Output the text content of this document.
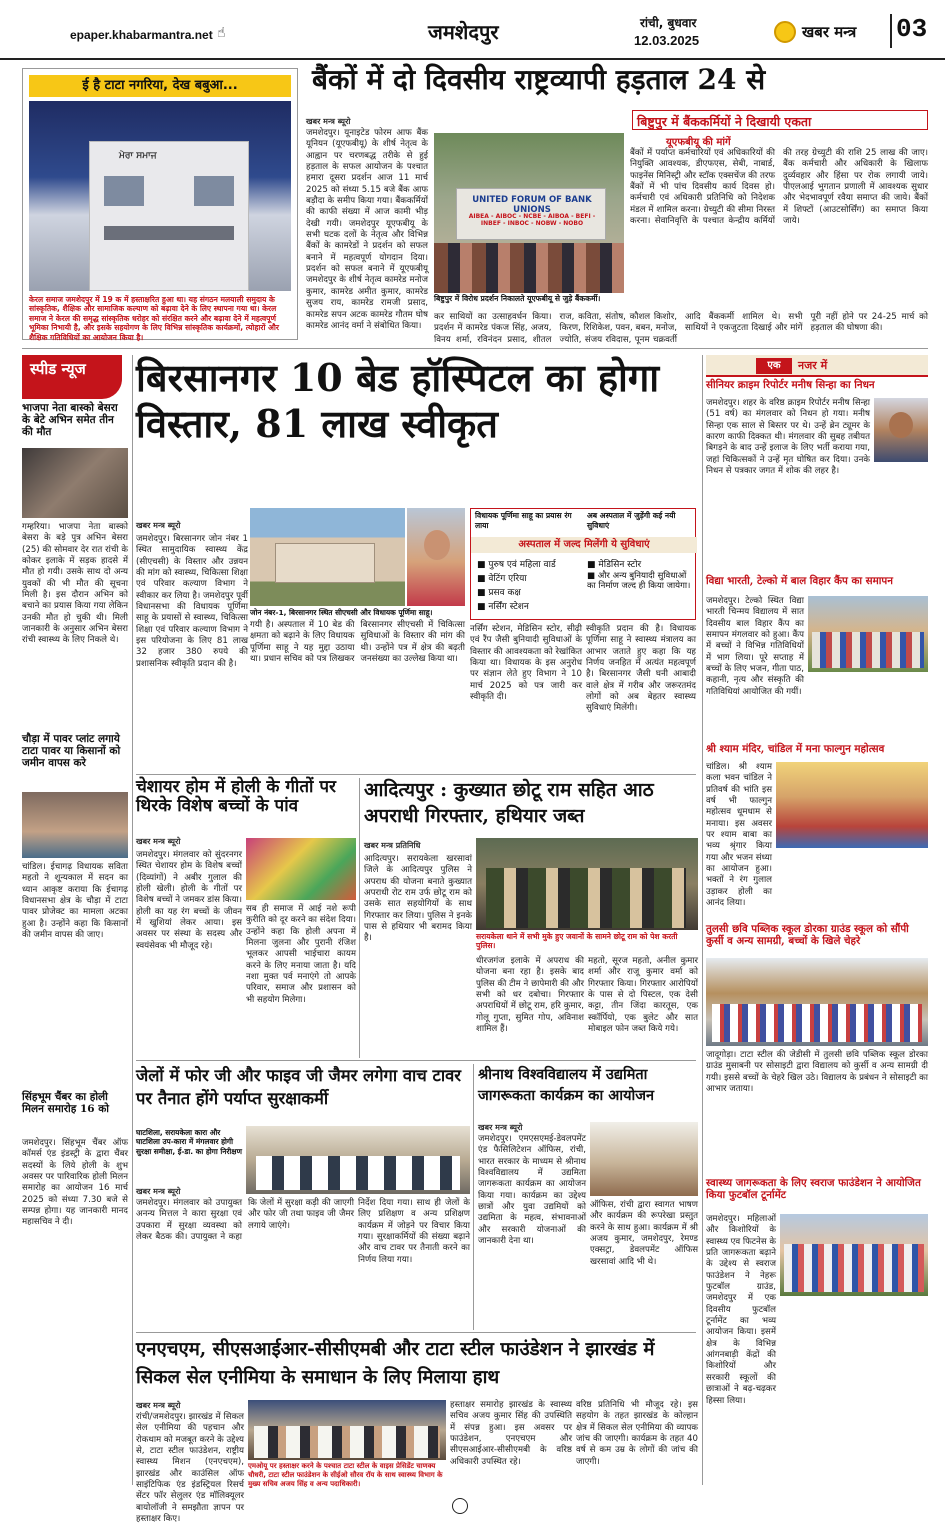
epaper.khabarmantra.net ☝	जमशेदपुर	रांची, बुधवार
12.03.2025	खबर मन्त्र 03
ई है टाटा नगरिया, देख बबुआ...
ਮੇਰਾ ਸਮਾਜ
केरल समाज जमशेदपुर में 19 क में हस्ताक्षरित हुआ था। यह संगठन मलयाली समुदाय के सांस्कृतिक, शैक्षिक और सामाजिक कल्याण को बढ़ावा देने के लिए स्थापना गया था। केरल समाज ने केरल की समृद्ध सांस्कृतिक धरोहर को संरक्षित करने और बढ़ावा देने में महत्वपूर्ण भूमिका निभायी है, और इसके सहयोगण के लिए विभिन्न सांस्कृतिक कार्यक्रमों, त्योहारों और शैक्षिक गतिविधियों का आयोजन किया है।
बैंकों में दो दिवसीय राष्ट्रव्यापी हड़ताल 24 से
खबर मन्त्र ब्यूरो
जमशेदपुर। यूनाइटेड फोरम आफ बैंक यूनियन (यूएफबीयू) के शीर्ष नेतृत्व के आह्वान पर चरणबद्ध तरीके से हुई हड़ताल के सफल आयोजन के पश्चात हमारा दूसरा प्रदर्शन आज 11 मार्च 2025 को संध्या 5.15 बजे बैंक आफ बड़ौदा के समीप किया गया। बैंककर्मियों की काफी संख्या में आज कामी भीड़ देखी गयी। जमशेदपुर यूएफबीयू के सभी घटक दलों के नेतृत्व और विभिन्न बैंकों के कामरेडों ने प्रदर्शन को सफल बनाने में महत्वपूर्ण योगदान दिया। प्रदर्शन को सफल बनाने में यूएफबीयू जमशेदपुर के शीर्ष नेतृत्व कामरेड मनोज कुमार, कामरेड अमीत कुमार, कामरेड सुजय राय, कामरेड रामजी प्रसाद, कामरेड सपन अटक कामरेड गौतम घोष कामरेड आनंद वर्मा ने संबोधित किया।
बिष्टुपुर में बैंककर्मियों ने दिखायी एकता
UNITED FORUM OF BANK UNIONS
AIBEA - AIBOC - NCBE - AIBOA - BEFI - INBEF - INBOC - NOBW - NOBO
बिष्टुपुर में विरोध प्रदर्शन निकालते यूएफबीयू से जुड़े बैंककर्मी।
यूएफबीयू की मांगें
बैंकों में पर्याप्त कर्मचारियों एवं अधिकारियों की नियुक्ति आवश्यक, डीएफएस, सेबी, नाबार्ड, फाइनेंस मिनिस्ट्री और स्टॉक एक्सचेंज की तरफ बैंकों में भी पांच दिवसीय कार्य दिवस हो। कर्मचारी एवं अधिकारी प्रतिनिधि को निदेशक मंडल में शामिल करना। ग्रेच्युटी की सीमा निरस्त करना। सेवानिवृत्ति के पश्चात केन्द्रीय कर्मियों की तरह ग्रेच्युटी की राशि 25 लाख की जाए। बैंक कर्मचारी और अधिकारी के खिलाफ दुर्व्यवहार और हिंसा पर रोक लगायी जाये। पीएलआई भुगतान प्रणाली में आवश्यक सुधार और भेदभावपूर्ण रवैया समाप्त की जाये। बैंकों में शिफ्टों (आउटसोर्सिंग) का समाप्त किया जाये।
कर साथियों का उत्साहवर्धन किया। प्रदर्शन में कामरेड पंकज सिंह, अजय, विनय शर्मा, रविनंदन प्रसाद, शीतल राज, कविता, संतोष, कौशल किशोर, किरण, रिशिकेश, पवन, बबन, मनोज, ज्योति, संजय रविदास, पूनम चक्रवर्ती आदि बैंककर्मी शामिल थे। सभी साथियों ने एकजुटता दिखाई और मांगें पूरी नहीं होने पर 24-25 मार्च को हड़ताल की घोषणा की।
स्पीड न्यूज
भाजपा नेता बास्को बेसरा के बेटे अभिन समेत तीन की मौत
गम्हरिया। भाजपा नेता बास्को बेसरा के बड़े पुत्र अभिन बेसरा (25) की सोमवार देर रात रांची के कोकर इलाके में सड़क हादसे में मौत हो गयी। उसके साथ दो अन्य युवकों की भी मौत की सूचना मिली है। इस दौरान अभिन को बचाने का प्रयास किया गया लेकिन उनकी मौत हो चुकी थी। मिली जानकारी के अनुसार अभिन बेसरा रांची स्वास्थ्य के लिए निकले थे।
चौड़ा में पावर प्लांट लगाये टाटा पावर या किसानों को जमीन वापस करे
चांडिल। ईचागढ़ विधायक सविता महतो ने शून्यकाल में सदन का ध्यान आकृष्ट कराया कि ईचागढ़ विधानसभा क्षेत्र के चौड़ा में टाटा पावर प्रोजेक्ट का मामला अटका हुआ है। उन्होंने कहा कि किसानों की जमीन वापस की जाए।
सिंहभूम चैंबर का होली मिलन समारोह 16 को
जमशेदपुर। सिंहभूम चैंबर ऑफ कॉमर्स एंड इंडस्ट्री के द्वारा चैंबर सदस्यों के लिये होली के शुभ अवसर पर पारिवारिक होली मिलन समारोह का आयोजन 16 मार्च 2025 को संध्या 7.30 बजे से सम्पन्न होगा। यह जानकारी मानद महासचिव ने दी।
बिरसानगर 10 बेड हॉस्पिटल का होगा विस्तार, 81 लाख स्वीकृत
खबर मन्त्र ब्यूरो
जमशेदपुर। बिरसानगर जोन नंबर 1 स्थित सामुदायिक स्वास्थ्य केंद्र (सीएचसी) के विस्तार और उन्नयन की मांग को स्वास्थ्य, चिकित्सा शिक्षा एवं परिवार कल्याण विभाग ने स्वीकार कर लिया है। जमशेदपुर पूर्वी विधानसभा की विधायक पूर्णिमा साहू के प्रयासों से स्वास्थ्य, चिकित्सा शिक्षा एवं परिवार कल्याण विभाग ने इस परियोजना के लिए 81 लाख 32 हजार 380 रुपये की प्रशासनिक स्वीकृति प्रदान की है।
जोन नंबर-1, बिरसानगर स्थित सीएचसी और विधायक पूर्णिमा साहू।
गयी है। अस्पताल में 10 बेड की क्षमता को बढ़ाने के लिए विधायक पूर्णिमा साहू ने यह मुद्दा उठाया था। प्रधान सचिव को पत्र लिखकर बिरसानगर सीएचसी में चिकित्सा सुविधाओं के विस्तार की मांग की थी। उन्होंने पत्र में क्षेत्र की बढ़ती जनसंख्या का उल्लेख किया था।
विधायक पूर्णिमा साहू का प्रयास रंग लाया
अब अस्पताल में जुड़ेंगी कई नयी सुविधाएं
अस्पताल में जल्द मिलेंगी ये सुविधाएं
■ पुरुष एवं महिला वार्ड	■ मेडिसिन स्टोर
■ वेटिंग एरिया	■ और अन्य बुनियादी सुविधाओं का निर्माण जल्द ही किया जायेगा।
■ प्रसव कक्ष
■ नर्सिंग स्टेशन
नर्सिंग स्टेशन, मेडिसिन स्टोर, सीढ़ी एवं रैंप जैसी बुनियादी सुविधाओं के विस्तार की आवश्यकता को रेखांकित किया था। विधायक के इस अनुरोध पर संज्ञान लेते हुए विभाग ने 10 मार्च 2025 को पत्र जारी कर स्वीकृति दी।
स्वीकृति प्रदान की है। विधायक पूर्णिमा साहू ने स्वास्थ्य मंत्रालय का आभार जताते हुए कहा कि यह निर्णय जनहित में अत्यंत महत्वपूर्ण है। बिरसानगर जैसी घनी आबादी वाले क्षेत्र में गरीब और जरूरतमंद लोगों को अब बेहतर स्वास्थ्य सुविधाएं मिलेंगी।
चेशायर होम में होली के गीतों पर थिरके विशेष बच्चों के पांव
खबर मन्त्र ब्यूरो
जमशेदपुर। मंगलवार को सुंदरनगर स्थित चेशायर होम के विशेष बच्चों (दिव्यांगों) ने अबीर गुलाल की होली खेली। होली के गीतों पर विशेष बच्चों ने जमकर डांस किया। होली का यह रंग बच्चों के जीवन में खुशियां लेकर आया। इस अवसर पर संस्था के सदस्य और स्वयंसेवक भी मौजूद रहे।
सब ही समाज में आई नशे रूपी कुरीति को दूर करने का संदेश दिया। उन्होंने कहा कि होली अपना में मिलना जुलना और पुरानी रंजिश भूलकर आपसी भाईचारा कायम करने के लिए मनाया जाता है। यदि नशा मुक्त पर्व मनाएंगे तो आपके परिवार, समाज और प्रशासन को भी सहयोग मिलेगा।
आदित्यपुर : कुख्यात छोटू राम सहित आठ अपराधी गिरफ्तार, हथियार जब्त
खबर मन्त्र प्रतिनिधि
सरायकेला थाने में सभी मुके हुए जवानों के सामने छोटू राम को पेश करती पुलिस।
आदित्यपुर। सरायकेला खरसावां जिले के आदित्यपुर पुलिस ने अपराध की योजना बनाते कुख्यात अपराधी रोट राम उर्फ छोटू राम को उसके सात सहयोगियों के साथ गिरफ्तार कर लिया। पुलिस ने इनके पास से हथियार भी बरामद किया है।
धीरजगंज इलाके में अपराध की योजना बना रहा है। इसके बाद पुलिस की टीम ने छापेमारी की और सभी को धर दबोचा। गिरफ्तार अपराधियों में छोटू राम, हरि कुमार, गोलू गुप्ता, सुमित गोप, अविनाश शामिल हैं।
महतो, सूरज महतो, अनील कुमार शर्मा और राजू कुमार वर्मा को गिरफ्तार किया। गिरफ्तार आरोपियों के पास से दो पिस्टल, एक देसी कट्टा, तीन जिंदा कारतूस, एक स्कॉर्पियो, एक बुलेट और सात मोबाइल फोन जब्त किये गये।
जेलों में फोर जी और फाइव जी जैमर लगेगा वाच टावर पर तैनात होंगे पर्याप्त सुरक्षाकर्मी
घाटशिला, सरायकेला कारा और घाटशिला उप-कारा में मंगलवार होगी सुरक्षा समीक्षा, ई-डा. का होगा निरीक्षण
खबर मन्त्र ब्यूरो
जमशेदपुर। मंगलवार को उपायुक्त अनन्य मित्तल ने कारा सुरक्षा एवं उपकारा में सुरक्षा व्यवस्था को लेकर बैठक की। उपायुक्त ने कहा कि जेलों में सुरक्षा कड़ी की जाएगी और फोर जी तथा फाइव जी जैमर लगाये जाएंगे।
निर्देश दिया गया। साथ ही जेलों के लिए प्रशिक्षण व अन्य प्रशिक्षण कार्यक्रम में जोड़ने पर विचार किया गया। सुरक्षाकर्मियों की संख्या बढ़ाने और वाच टावर पर तैनाती करने का निर्णय लिया गया।
श्रीनाथ विश्वविद्यालय में उद्यमिता जागरूकता कार्यक्रम का आयोजन
खबर मन्त्र ब्यूरो
जमशेदपुर। एमएसएमई-डेवलपमेंट एंड फैसिलिटेशन ऑफिस, रांची, भारत सरकार के माध्यम से श्रीनाथ विश्वविद्यालय में उद्यमिता जागरूकता कार्यक्रम का आयोजन किया गया। कार्यक्रम का उद्देश्य छात्रों और युवा उद्यमियों को उद्यमिता के महत्व, संभावनाओं और सरकारी योजनाओं की जानकारी देना था।
ऑफिस, रांची द्वारा स्वागत भाषण और कार्यक्रम की रूपरेखा प्रस्तुत करने के साथ हुआ। कार्यक्रम में श्री अजय कुमार, जमशेदपुर, रेमण्ड एक्सट्रा, डेवलपमेंट ऑफिस खरसावां आदि भी थे।
एनएचएम, सीएसआईआर-सीसीएमबी और टाटा स्टील फाउंडेशन ने झारखंड में सिकल सेल एनीमिया के समाधान के लिए मिलाया हाथ
खबर मन्त्र ब्यूरो
रांची/जमशेदपुर। झारखंड में सिकल सेल एनीमिया की पहचान और रोकथाम को मजबूत करने के उद्देश्य से, टाटा स्टील फाउंडेशन, राष्ट्रीय स्वास्थ्य मिशन (एनएचएम), झारखंड और काउंसिल ऑफ साइंटिफिक एंड इंडस्ट्रियल रिसर्च सेंटर फॉर सेलुलर एंड मॉलिक्यूलर बायोलॉजी ने समझौता ज्ञापन पर हस्ताक्षर किए।
एमओयू पर हस्ताक्षर करने के पश्चात टाटा स्टील के वाइस प्रेसिडेंट चाणक्य चौधरी, टाटा स्टील फाउंडेशन के सीईओ सौरव रॉय के साथ स्वास्थ्य विभाग के मुख्य सचिव अजय सिंह व अन्य पदाधिकारी।
हस्ताक्षर समारोह झारखंड के स्वास्थ्य सचिव अजय कुमार सिंह की उपस्थिति में संपन्न हुआ। इस अवसर पर फाउंडेशन, एनएचएम और सीएसआईआर-सीसीएमबी के वरिष्ठ अधिकारी उपस्थित रहे।
वरिष्ठ प्रतिनिधि भी मौजूद रहे। इस सहयोग के तहत झारखंड के कोल्हान क्षेत्र में सिकल सेल एनीमिया की व्यापक जांच की जाएगी। कार्यक्रम के तहत 40 वर्ष से कम उम्र के लोगों की जांच की जाएगी।
एक	नजर में
सीनियर क्राइम रिपोर्टर मनीष सिन्हा का निधन
जमशेदपुर। शहर के वरिष्ठ क्राइम रिपोर्टर मनीष सिन्हा (51 वर्ष) का मंगलवार को निधन हो गया। मनीष सिन्हा एक साल से बिस्तर पर थे। उन्हें ब्रेन ट्यूमर के कारण काफी दिक्कत थी। मंगलवार की सुबह तबीयत बिगड़ने के बाद उन्हें इलाज के लिए भर्ती कराया गया, जहां चिकित्सकों ने उन्हें मृत घोषित कर दिया। उनके निधन से पत्रकार जगत में शोक की लहर है।
विद्या भारती, टेल्को में बाल विहार कैंप का समापन
जमशेदपुर। टेल्को स्थित विद्या भारती चिन्मय विद्यालय में सात दिवसीय बाल विहार कैंप का समापन मंगलवार को हुआ। कैंप में बच्चों ने विभिन्न गतिविधियों में भाग लिया। पूरे सप्ताह में बच्चों के लिए भजन, गीता पाठ, कहानी, नृत्य और संस्कृति की गतिविधियां आयोजित की गयीं।
श्री श्याम मंदिर, चांडिल में मना फाल्गुन महोत्सव
चांडिल। श्री श्याम कला भवन चांडिल ने प्रतिवर्ष की भांति इस वर्ष भी फाल्गुन महोत्सव धूमधाम से मनाया। इस अवसर पर श्याम बाबा का भव्य श्रृंगार किया गया और भजन संध्या का आयोजन हुआ। भक्तों ने रंग गुलाल उड़ाकर होली का आनंद लिया।
तुलसी छवि पब्लिक स्कूल डोरका ग्राउंड स्कूल को सौंपी कुर्सी व अन्य सामग्री, बच्चों के खिले चेहरे
जादूगोड़ा। टाटा स्टील की जेडीसी में तुलसी छवि पब्लिक स्कूल डोरका ग्राउंड मुसाबनी पर सोसाइटी द्वारा विद्यालय को कुर्सी व अन्य सामग्री दी गयी। इससे बच्चों के चेहरे खिल उठे। विद्यालय के प्रबंधन ने सोसाइटी का आभार जताया।
स्वास्थ्य जागरूकता के लिए स्वराज फाउंडेशन ने आयोजित किया फुटबॉल टूर्नामेंट
जमशेदपुर। महिलाओं और किशोरियों के स्वास्थ्य एव फिटनेस के प्रति जागरूकता बढ़ाने के उद्देश्य से स्वराज फाउंडेशन ने नेहरू फुटबॉल ग्राउंड, जमशेदपुर में एक दिवसीय फुटबॉल टूर्नामेंट का भव्य आयोजन किया। इसमें क्षेत्र के विभिन्न आंगनबाड़ी केंद्रों की किशोरियों और सरकारी स्कूलों की छात्राओं ने बढ़-चढ़कर हिस्सा लिया।
